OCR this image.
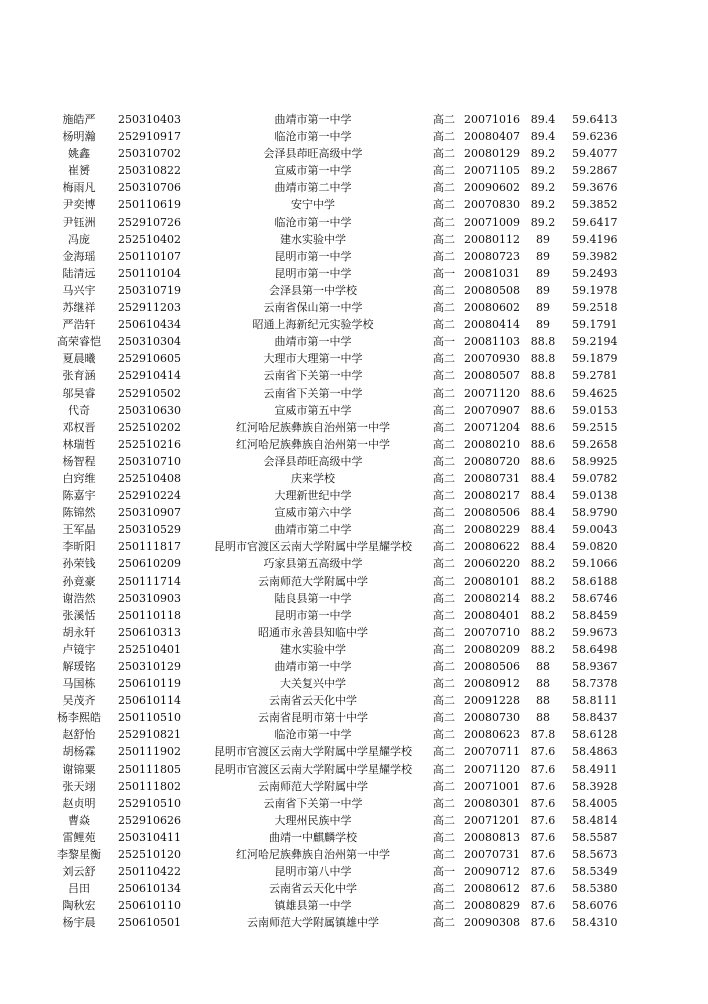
施皓严	250310403	曲靖市第一中学	高二 20071016 89.4 59.6413
杨明瀚	252910917	临沧市第一中学	高二 20080407 89.4 59.6236
姚鑫	250310702	会泽县茚旺高级中学	高二 20080129 89.2 59.4077
崔赟	250310822	宣威市第一中学	高二 20071105 89.2 59.2867
梅雨凡	250310706	曲靖市第二中学	高二 20090602 89.2 59.3676
尹奕博	250110619	安宁中学	高二 20070830 89.2 59.3852
尹钰洲	252910726	临沧市第一中学	高二 20071009 89.2 59.6417
冯庞	252510402	建水实验中学	高二 20080112	89	59.4196
金海瑶	250110107	昆明市第一中学	高二 20080723	89	59.3982
陆清远	250110104	昆明市第一中学	高一 20081031	89	59.2493
马兴宇	250310719	会泽县第一中学校	高二 20080508	89	59.1978
苏继祥	252911203	云南省保山第一中学	高二 20080602	89	59.2518
严浩轩	250610434	昭通上海新纪元实验学校	高二 20080414	89	59.1791
高荣睿恺	250310304	曲靖市第一中学	高一 20081103 88.8 59.2194
夏晨曦	252910605	大理市大理第一中学	高二 20070930 88.8 59.1879
张育涵	252910414	云南省下关第一中学	高二 20080507 88.8 59.2781
邬昊睿	252910502	云南省下关第一中学	高二 20071120 88.6 59.4625
代奇	250310630	宣威市第五中学	高二 20070907 88.6 59.0153
邓权晋	252510202	红河哈尼族彝族自治州第一中学	高二 20071204 88.6 59.2515
林瑞哲	252510216	红河哈尼族彝族自治州第一中学	高二 20080210 88.6 59.2658
杨智程	250310710	会泽县茚旺高级中学	高二 20080720 88.6 58.9925
白窍维	252510408	庆来学校	高二 20080731 88.4 59.0782
陈嘉宇	252910224	大理新世纪中学	高二 20080217 88.4 59.0138
陈锦然	250310907	宣威市第六中学	高二 20080506 88.4 58.9790
王军晶	250310529	曲靖市第二中学	高二 20080229 88.4 59.0043
李昕阳	250111817	昆明市官渡区云南大学附属中学星耀学校	高二 20080622 88.4 59.0820
孙荣钱	250610209	巧家县第五高级中学	高二 20060220 88.2 59.1066
孙竟豪	250111714	云南师范大学附属中学	高二 20080101 88.2 58.6188
谢浩然	250310903	陆良县第一中学	高二 20080214 88.2 58.6746
张溪恬	250110118	昆明市第一中学	高二 20080401 88.2 58.8459
胡永轩	250610313	昭通市永善县知临中学	高二 20070710 88.2 59.9673
卢镜宇	252510401	建水实验中学	高二 20080209 88.2 58.6498
解瑗铭	250310129	曲靖市第一中学	高二 20080506	88	58.9367
马国栋	250610119	大关复兴中学	高二 20080912	88	58.7378
吴茂齐	250610114	云南省云天化中学	高二 20091228	88	58.8111
杨李熙皓	250110510	云南省昆明市第十中学	高二 20080730	88	58.8437
赵舒怡	252910821	临沧市第一中学	高二 20080623 87.8 58.6128
胡杨霖	250111902	昆明市官渡区云南大学附属中学星耀学校	高二 20070711 87.6 58.4863
谢锦粟	250111805	昆明市官渡区云南大学附属中学星耀学校	高二 20071120 87.6 58.4911
张天翊	250111802	云南师范大学附属中学	高二 20071001 87.6 58.3928
赵贞明	252910510	云南省下关第一中学	高二 20080301 87.6 58.4005
曹焱	252910626	大理州民族中学	高二 20071201 87.6 58.4814
雷鲤苑	250310411	曲靖一中麒麟学校	高二 20080813 87.6 58.5587
李黎星衡	252510120	红河哈尼族彝族自治州第一中学	高二 20070731 87.6 58.5673
刘云舒	250110422	昆明市第八中学	高一 20090712 87.6 58.5349
吕田	250610134	云南省云天化中学	高二 20080612 87.6 58.5380
陶秋宏	250610110	镇雄县第一中学	高二 20080829 87.6 58.6076
杨宇晨	250610501	云南师范大学附属镇雄中学	高二 20090308 87.6 58.4310
